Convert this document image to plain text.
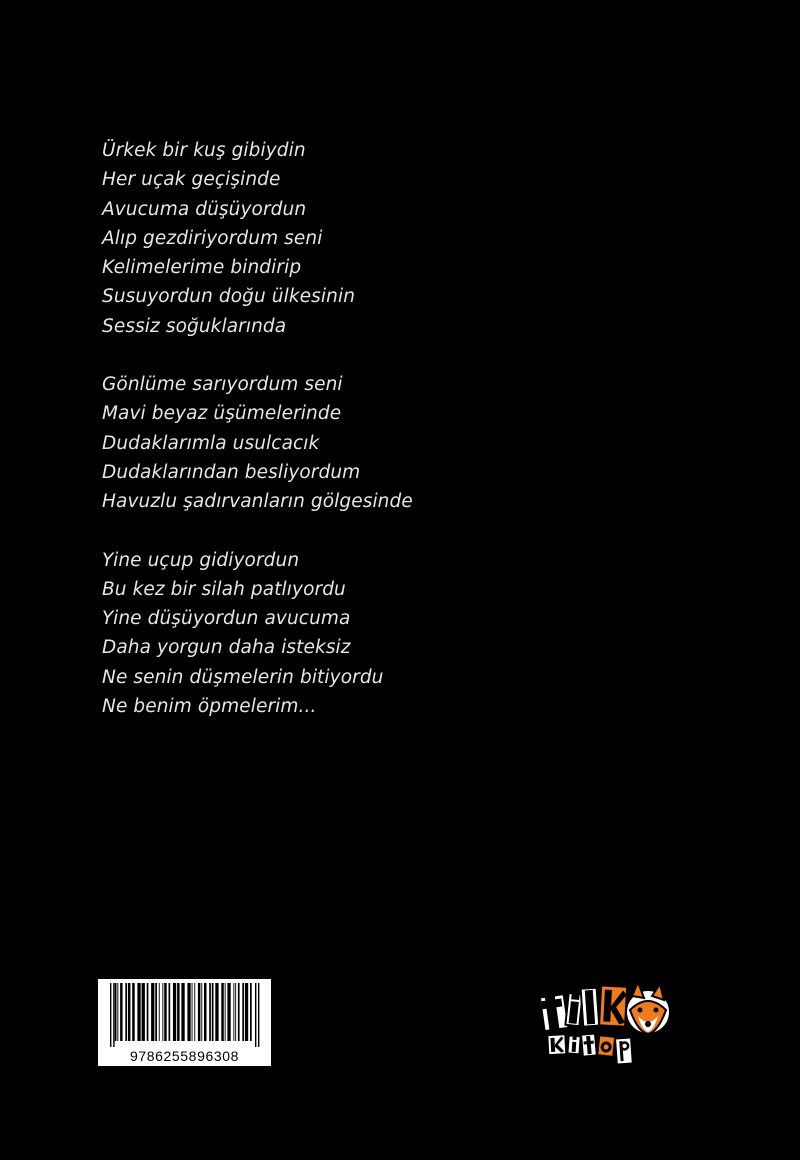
Ürkek bir kuş gibiydin
Her uçak geçişinde
Avucuma düşüyordun
Alıp gezdiriyordum seni
Kelimelerime bindirip
Susuyordun doğu ülkesinin
Sessiz soğuklarında
Gönlüme sarıyordum seni
Mavi beyaz üşümelerinde
Dudaklarımla usulcacık
Dudaklarından besliyordum
Havuzlu şadırvanların gölgesinde
Yine uçup gidiyordun
Bu kez bir silah patlıyordu
Yine düşüyordun avucuma
Daha yorgun daha isteksiz
Ne senin düşmelerin bitiyordu
Ne benim öpmelerim...
9786255896308
